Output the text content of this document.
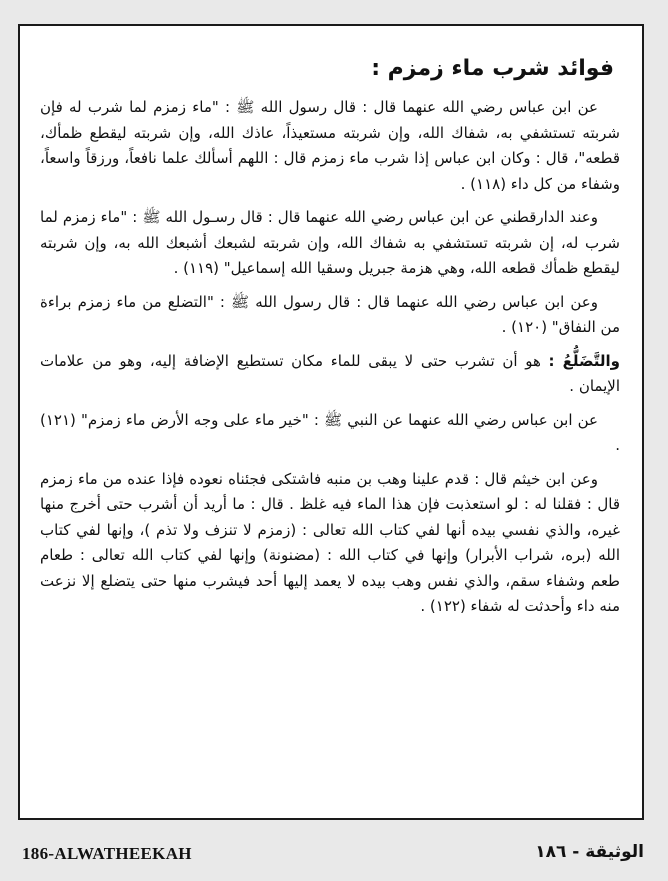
فوائد شرب ماء زمزم :

عن ابن عباس رضي الله عنهما قال : قال رسول الله ﷺ : "ماء زمزم لما شرب له فإن شربته تستشفي به، شفاك الله، وإن شربته مستعيذاً، عاذك الله، وإن شربته ليقطع ظمأك، قطعه"، قال : وكان ابن عباس إذا شرب ماء زمزم قال : اللهم أسألك علما نافعاً، ورزقاً واسعاً، وشفاء من كل داء (١١٨) .

وعند الدارقطني عن ابن عباس رضي الله عنهما قال : قال رسـول الله ﷺ : "ماء زمزم لما شرب له، إن شربته تستشفي به شفاك الله، وإن شربته لشبعك أشبعك الله به، وإن شربته ليقطع ظمأك قطعه الله، وهي هزمة جبريل وسقيا الله إسماعيل" (١١٩) .

وعن ابن عباس رضي الله عنهما قال : قال رسول الله ﷺ : "التضلع من ماء زمزم براءة من النفاق" (١٢٠) .

والتَّضَلُّعُ : هو أن تشرب حتى لا يبقى للماء مكان تستطيع الإضافة إليه، وهو من علامات الإيمان .

عن ابن عباس رضي الله عنهما عن النبي ﷺ : "خير ماء على وجه الأرض ماء زمزم" (١٢١) .

وعن ابن خيثم قال : قدم علينا وهب بن منبه فاشتكى فجئناه نعوده فإذا عنده من ماء زمزم قال : فقلنا له : لو استعذبت فإن هذا الماء فيه غلظ . قال : ما أريد أن أشرب حتى أخرج منها غيره، والذي نفسي بيده أنها لفي كتاب الله تعالى : (زمزم لا تنزف ولا تذم )، وإنها لفي كتاب الله (بره، شراب الأبرار) وإنها في كتاب الله : (مضنونة) وإنها لفي كتاب الله تعالى : طعام طعم وشفاء سقم، والذي نفس وهب بيده لا يعمد إليها أحد فيشرب منها حتى يتضلع إلا نزعت منه داء وأحدثت له شفاء (١٢٢) .

186-ALWATHEEKAH	الوثيقة - ١٨٦
